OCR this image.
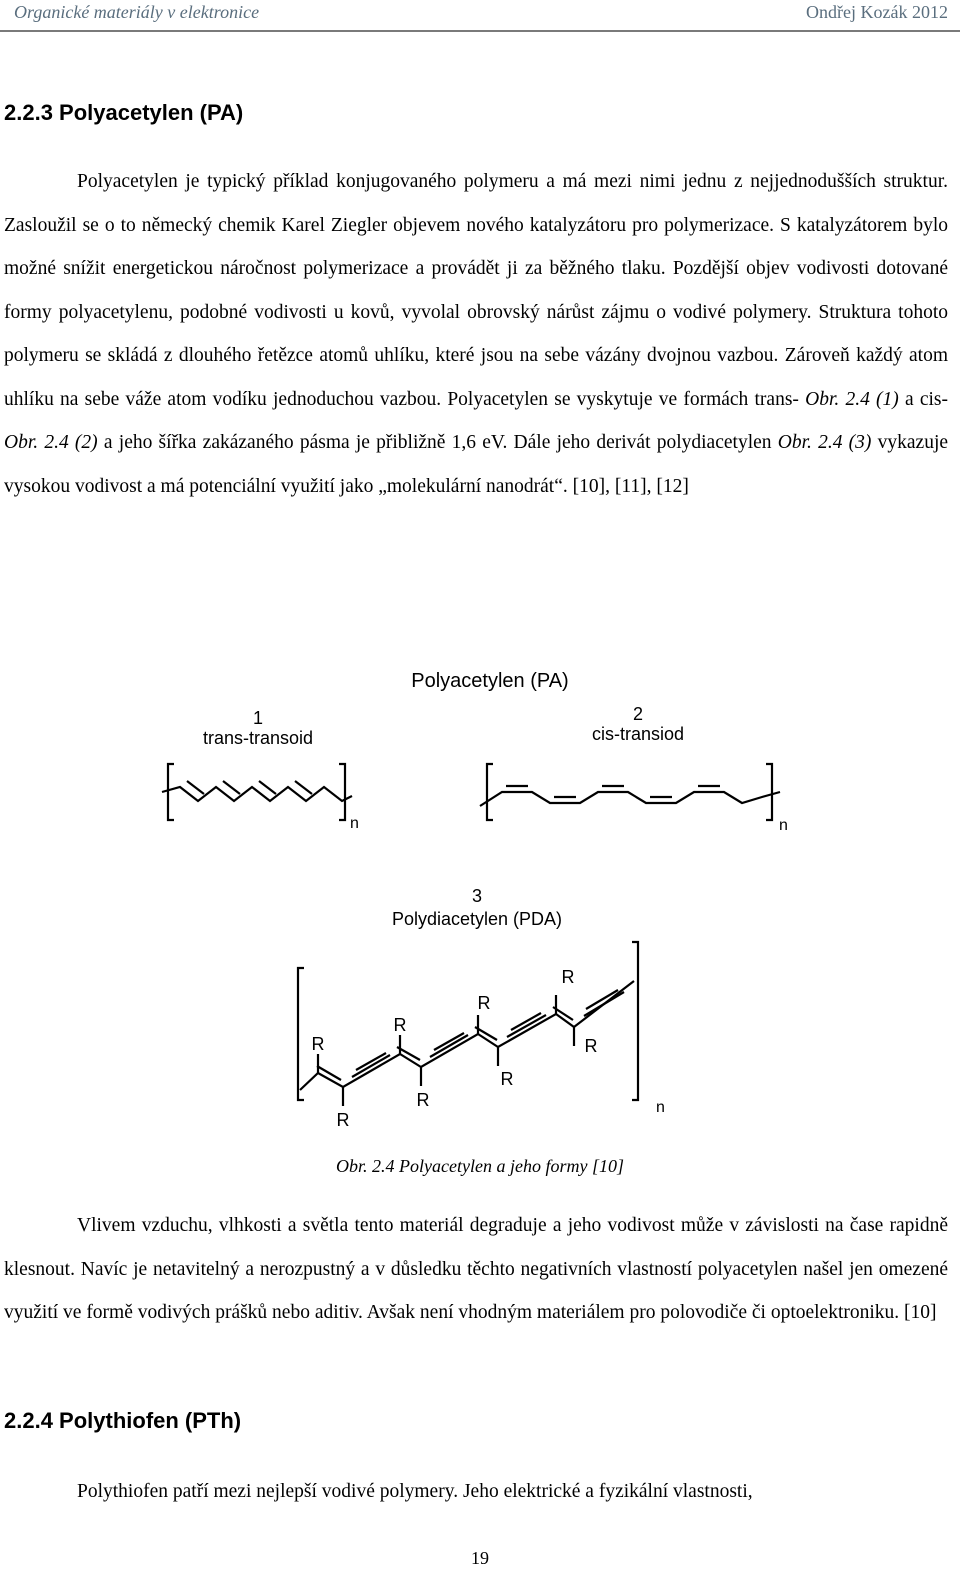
Organické materiály v elektronice	Ondřej Kozák 2012
2.2.3 Polyacetylen (PA)

Polyacetylen je typický příklad konjugovaného polymeru a má mezi nimi jednu z nejjednodušších struktur. Zasloužil se o to německý chemik Karel Ziegler objevem nového katalyzátoru pro polymerizace. S katalyzátorem bylo možné snížit energetickou náročnost polymerizace a provádět ji za běžného tlaku. Pozdější objev vodivosti dotované formy polyacetylenu, podobné vodivosti u kovů, vyvolal obrovský nárůst zájmu o vodivé polymery. Struktura tohoto polymeru se skládá z dlouhého řetězce atomů uhlíku, které jsou na sebe vázány dvojnou vazbou. Zároveň každý atom uhlíku na sebe váže atom vodíku jednoduchou vazbou. Polyacetylen se vyskytuje ve formách trans- Obr. 2.4 (1) a cis- Obr. 2.4 (2) a jeho šířka zakázaného pásma je přibližně 1,6 eV. Dále jeho derivát polydiacetylen Obr. 2.4 (3) vykazuje vysokou vodivost a má potenciální využití jako „molekulární nanodrát“. [10], [11], [12]

Polyacetylen (PA)
1
trans-transoid
2
cis-transiod
n	n
3
Polydiacetylen (PDA)
n
R
R
R
R
R
R
R
R
Obr. 2.4 Polyacetylen a jeho formy [10]

Vlivem vzduchu, vlhkosti a světla tento materiál degraduje a jeho vodivost může v závislosti na čase rapidně klesnout. Navíc je netavitelný a nerozpustný a v důsledku těchto negativních vlastností polyacetylen našel jen omezené využití ve formě vodivých prášků nebo aditiv. Avšak není vhodným materiálem pro polovodiče či optoelektroniku. [10]

2.2.4 Polythiofen (PTh)

Polythiofen patří mezi nejlepší vodivé polymery. Jeho elektrické a fyzikální vlastnosti,

19
